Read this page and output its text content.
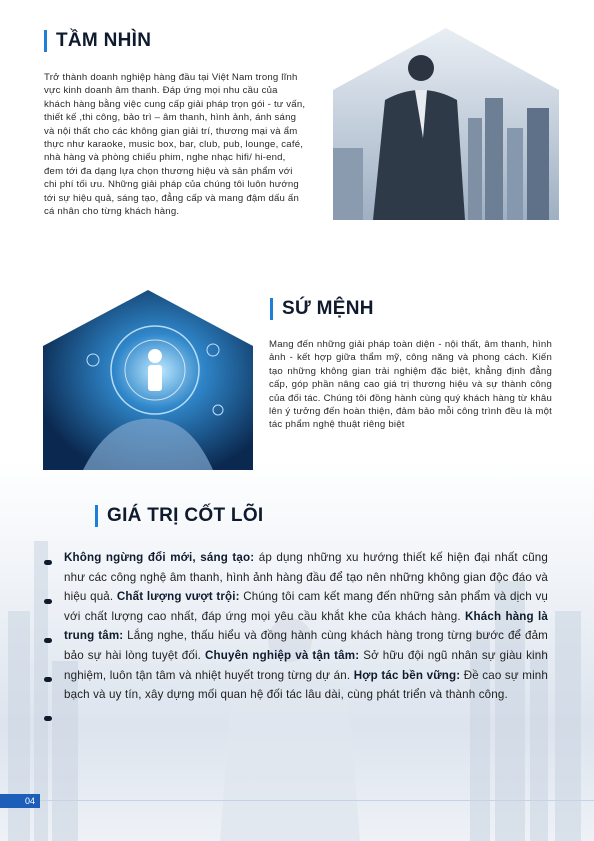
TẦM NHÌN
Trở thành doanh nghiệp hàng đầu tại Việt Nam trong lĩnh vực kinh doanh âm thanh. Đáp ứng mọi nhu cầu của khách hàng bằng việc cung cấp giải pháp trọn gói - tư vấn, thiết kế ,thi công, bảo trì – âm thanh, hình ảnh, ánh sáng và nội thất cho các không gian giải trí, thương mại và ẩm thực như karaoke, music box, bar, club, pub, lounge, café, nhà hàng và phòng chiếu phim, nghe nhạc hifi/ hi-end, đem tới đa dạng lựa chọn thương hiệu và sản phẩm với chi phí tối ưu. Những giải pháp của chúng tôi luôn hướng tới sự hiệu quả, sáng tạo, đẳng cấp và mang đậm dấu ấn cá nhân cho từng khách hàng.
SỨ MỆNH
Mang đến những giải pháp toàn diện - nội thất, âm thanh, hình ảnh - kết hợp giữa thẩm mỹ, công năng và phong cách. Kiến tạo những không gian trải nghiệm đặc biệt, khẳng định đẳng cấp, góp phần nâng cao giá trị thương hiệu và sự thành công của đối tác. Chúng tôi đồng hành cùng quý khách hàng từ khâu lên ý tưởng đến hoàn thiện, đảm bảo mỗi công trình đều là một tác phẩm nghệ thuật riêng biệt
GIÁ TRỊ CỐT LÕI

Không ngừng đổi mới, sáng tạo: áp dụng những xu hướng thiết kế hiện đại nhất cũng như các công nghệ âm thanh, hình ảnh hàng đầu để tạo nên những không gian độc đáo và hiệu quả. Chất lượng vượt trội: Chúng tôi cam kết mang đến những sản phẩm và dịch vụ với chất lượng cao nhất, đáp ứng mọi yêu cầu khắt khe của khách hàng. Khách hàng là trung tâm: Lắng nghe, thấu hiểu và đồng hành cùng khách hàng trong từng bước để đảm bảo sự hài lòng tuyệt đối. Chuyên nghiệp và tận tâm: Sở hữu đội ngũ nhân sự giàu kinh nghiệm, luôn tận tâm và nhiệt huyết trong từng dự án. Hợp tác bền vững: Đề cao sự minh bạch và uy tín, xây dựng mối quan hệ đối tác lâu dài, cùng phát triển và thành công.

04
